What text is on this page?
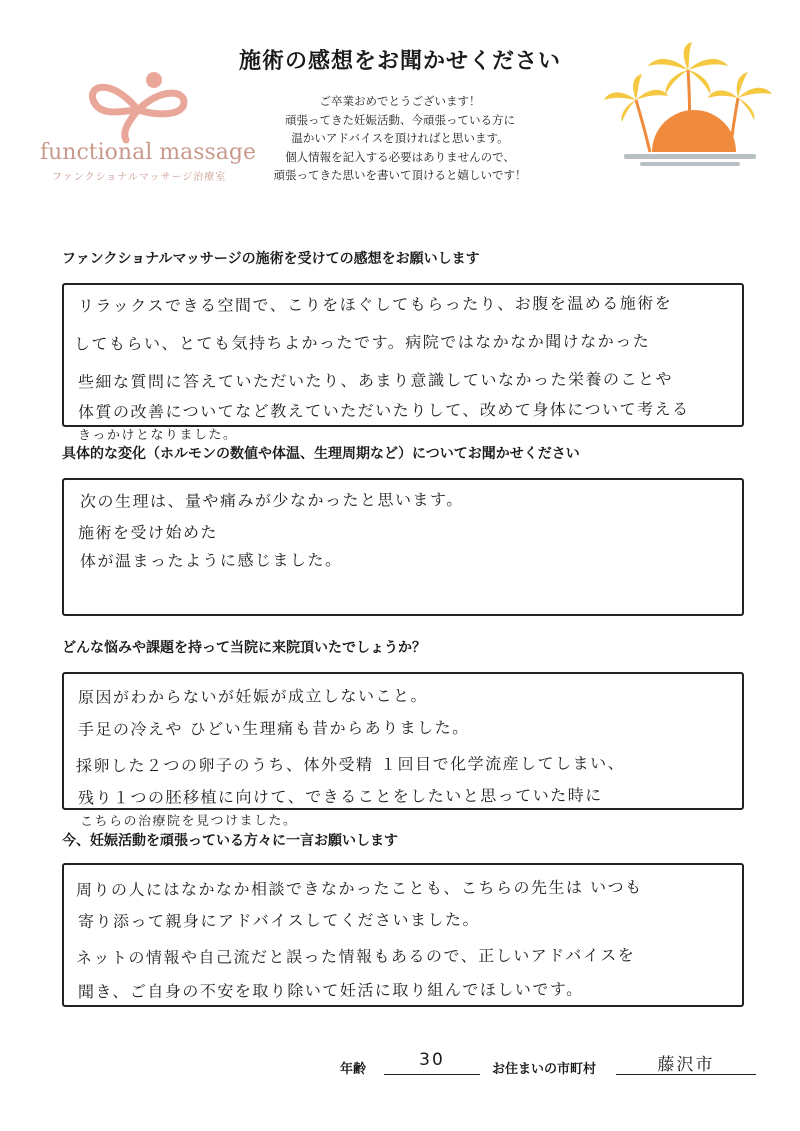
施術の感想をお聞かせください
ご卒業おめでとうございます！
頑張ってきた妊娠活動、今頑張っている方に
温かいアドバイスを頂ければと思います。
個人情報を記入する必要はありませんので、
頑張ってきた思いを書いて頂けると嬉しいです！
functional massage
ファンクショナルマッサージ治療室
ファンクショナルマッサージの施術を受けての感想をお願いします
リラックスできる空間で、こりをほぐしてもらったり、お腹を温める施術を
してもらい、とても気持ちよかったです。病院ではなかなか聞けなかった
些細な質問に答えていただいたり、あまり意識していなかった栄養のことや
体質の改善についてなど教えていただいたりして、改めて身体について考える
きっかけとなりました。
具体的な変化（ホルモンの数値や体温、生理周期など）についてお聞かせください
次の生理は、量や痛みが少なかったと思います。
施術を受け始めた
体が温まったように感じました。
どんな悩みや課題を持って当院に来院頂いたでしょうか？
原因がわからないが妊娠が成立しないこと。
手足の冷えや ひどい生理痛も昔からありました。
採卵した２つの卵子のうち、体外受精 １回目で化学流産してしまい、
残り１つの胚移植に向けて、できることをしたいと思っていた時に
こちらの治療院を見つけました。
今、妊娠活動を頑張っている方々に一言お願いします
周りの人にはなかなか相談できなかったことも、こちらの先生は いつも
寄り添って親身にアドバイスしてくださいました。
ネットの情報や自己流だと誤った情報もあるので、正しいアドバイスを
聞き、ご自身の不安を取り除いて妊活に取り組んでほしいです。
年齢	30	お住まいの市町村	藤沢市
